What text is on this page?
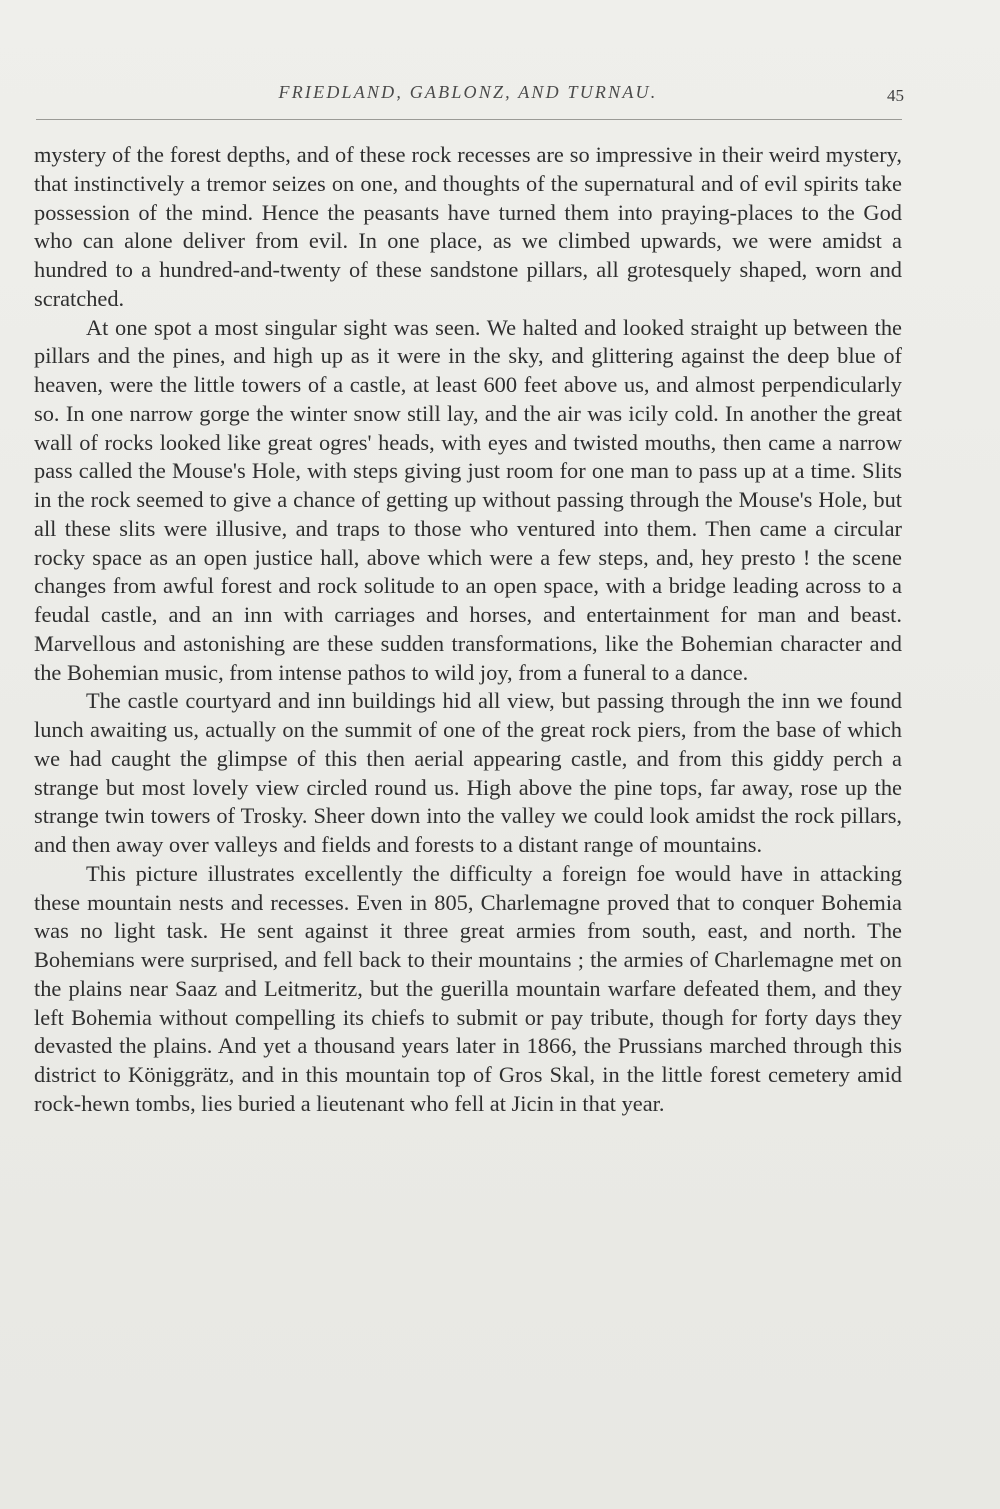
FRIEDLAND, GABLONZ, AND TURNAU.	45

mystery of the forest depths, and of these rock recesses are so impressive in their weird mystery, that instinctively a tremor seizes on one, and thoughts of the supernatural and of evil spirits take possession of the mind. Hence the peasants have turned them into praying-places to the God who can alone deliver from evil. In one place, as we climbed upwards, we were amidst a hundred to a hundred-and-twenty of these sandstone pillars, all grotesquely shaped, worn and scratched.

At one spot a most singular sight was seen. We halted and looked straight up between the pillars and the pines, and high up as it were in the sky, and glittering against the deep blue of heaven, were the little towers of a castle, at least 600 feet above us, and almost perpendicularly so. In one narrow gorge the winter snow still lay, and the air was icily cold. In another the great wall of rocks looked like great ogres' heads, with eyes and twisted mouths, then came a narrow pass called the Mouse's Hole, with steps giving just room for one man to pass up at a time. Slits in the rock seemed to give a chance of getting up without passing through the Mouse's Hole, but all these slits were illusive, and traps to those who ventured into them. Then came a circular rocky space as an open justice hall, above which were a few steps, and, hey presto ! the scene changes from awful forest and rock solitude to an open space, with a bridge leading across to a feudal castle, and an inn with carriages and horses, and entertainment for man and beast. Marvellous and astonishing are these sudden transformations, like the Bohemian character and the Bohemian music, from intense pathos to wild joy, from a funeral to a dance.

The castle courtyard and inn buildings hid all view, but passing through the inn we found lunch awaiting us, actually on the summit of one of the great rock piers, from the base of which we had caught the glimpse of this then aerial appearing castle, and from this giddy perch a strange but most lovely view circled round us. High above the pine tops, far away, rose up the strange twin towers of Trosky. Sheer down into the valley we could look amidst the rock pillars, and then away over valleys and fields and forests to a distant range of mountains.

This picture illustrates excellently the difficulty a foreign foe would have in attacking these mountain nests and recesses. Even in 805, Charlemagne proved that to conquer Bohemia was no light task. He sent against it three great armies from south, east, and north. The Bohemians were surprised, and fell back to their mountains ; the armies of Charlemagne met on the plains near Saaz and Leitmeritz, but the guerilla mountain warfare defeated them, and they left Bohemia without compelling its chiefs to submit or pay tribute, though for forty days they devasted the plains. And yet a thousand years later in 1866, the Prussians marched through this district to Königgrätz, and in this mountain top of Gros Skal, in the little forest cemetery amid rock-hewn tombs, lies buried a lieutenant who fell at Jicin in that year.
